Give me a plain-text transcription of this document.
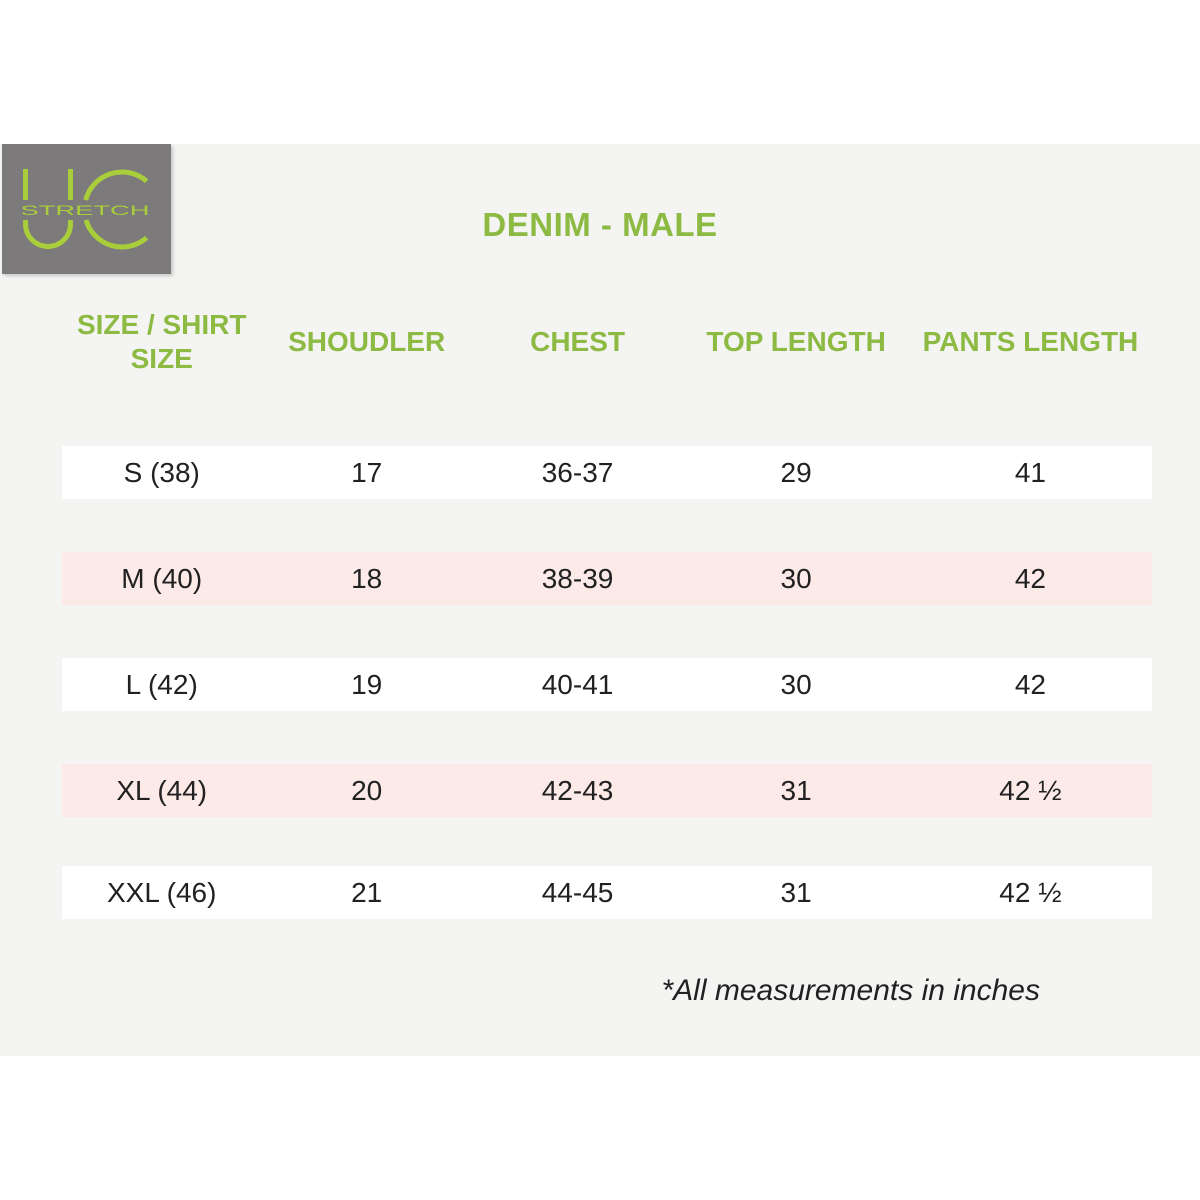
STRETCH	DENIM - MALE
SIZE / SHIRT SIZE
SHOUDLER	CHEST	TOP LENGTH	PANTS LENGTH
S (38)	17	36-37	29	41
M (40)	18	38-39	30	42
L (42)	19	40-41	30	42
XL (44)	20	42-43	31	42 ½
XXL (46)	21	44-45	31	42 ½
*All measurements in inches
